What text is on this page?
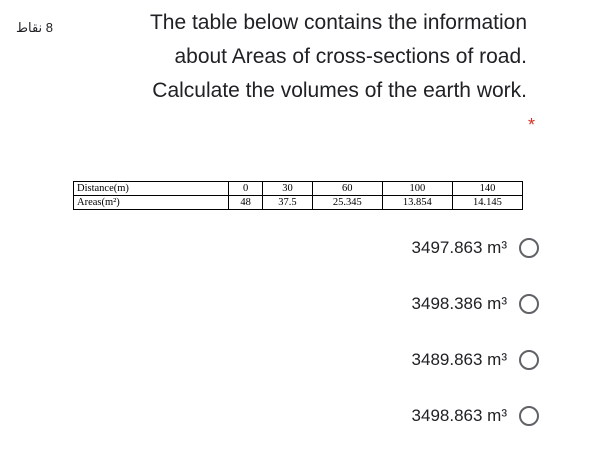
8 نقاط	The table below contains the information
about Areas of cross-sections of road.
Calculate the volumes of the earth work.
*
Distance(m)	0	30	60	100	140
Areas(m²)	48	37.5	25.345	13.854	14.145
3497.863 m³
3498.386 m³
3489.863 m³
3498.863 m³
